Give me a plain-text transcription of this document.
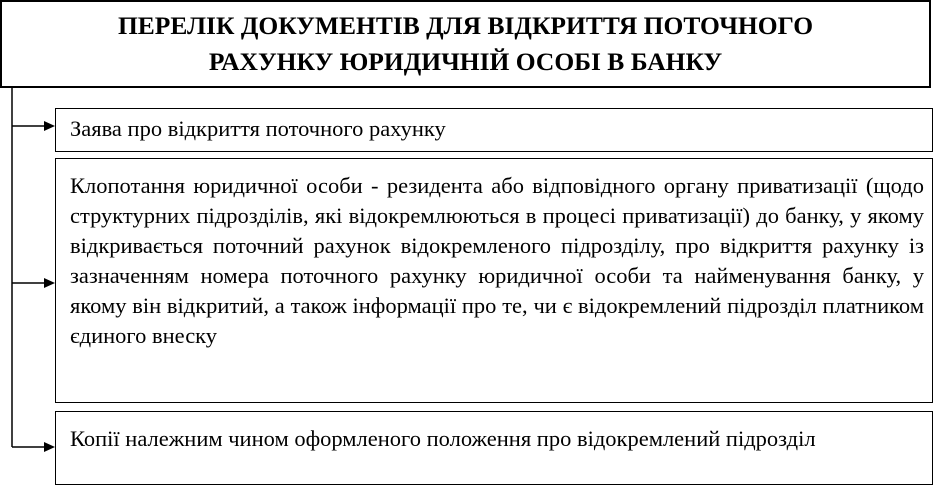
ПЕРЕЛІК ДОКУМЕНТІВ ДЛЯ ВІДКРИТТЯ ПОТОЧНОГО
РАХУНКУ ЮРИДИЧНІЙ ОСОБІ В БАНКУ
Заява про відкриття поточного рахунку
Клопотання юридичної особи - резидента або відповідного органу приватизації (щодо структурних підрозділів, які відокремлюються в процесі приватизації) до банку, у якому відкривається поточний рахунок відокремленого підрозділу, про відкриття рахунку із зазначенням номера поточного рахунку юридичної особи та найменування банку, у якому він відкритий, а також інформації про те, чи є відокремлений підрозділ платником єдиного внеску
Копії належним чином оформленого положення про відокремлений підрозділ
